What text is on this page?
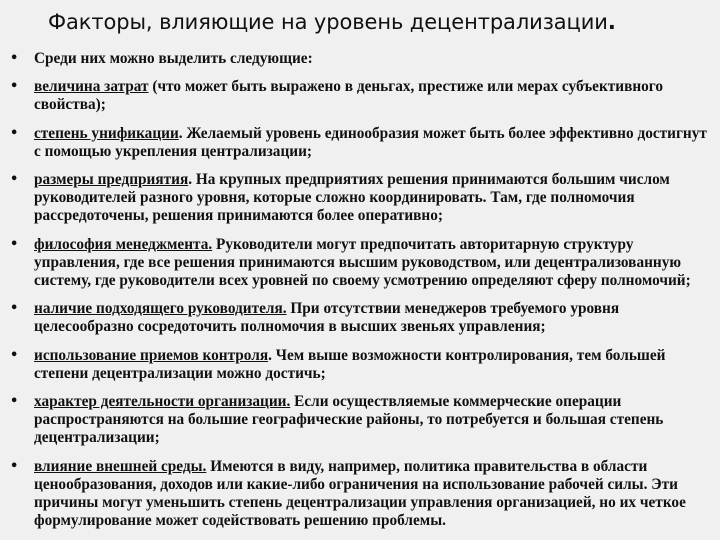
Факторы, влияющие на уровень децентрализации.
• Среди них можно выделить следующие:
• величина затрат (что может быть выражено в деньгах, престиже или мерах субъективного свойства);
• степень унификации. Желаемый уровень единообразия может быть более эффективно достигнут с помощью укрепления централизации;
• размеры предприятия. На крупных предприятиях решения принимаются большим числом руководителей разного уровня, которые сложно координировать. Там, где полномочия рассредоточены, решения принимаются более оперативно;
• философия менеджмента. Руководители могут предпочитать авторитарную структуру управления, где все решения принимаются высшим руководством, или децентрализованную систему, где руководители всех уровней по своему усмотрению определяют сферу полномочий;
• наличие подходящего руководителя. При отсутствии менеджеров требуемого уровня целесообразно сосредоточить полномочия в высших звеньях управления;
• использование приемов контроля. Чем выше возможности контролирования, тем большей степени децентрализации можно достичь;
• характер деятельности организации. Если осуществляемые коммерческие операции распространяются на большие географические районы, то потребуется и большая степень децентрализации;
• влияние внешней среды. Имеются в виду, например, политика правительства в области ценообразования, доходов или какие-либо ограничения на использование рабочей силы. Эти причины могут уменьшить степень децентрализации управления организацией, но их четкое формулирование может содействовать решению проблемы.
